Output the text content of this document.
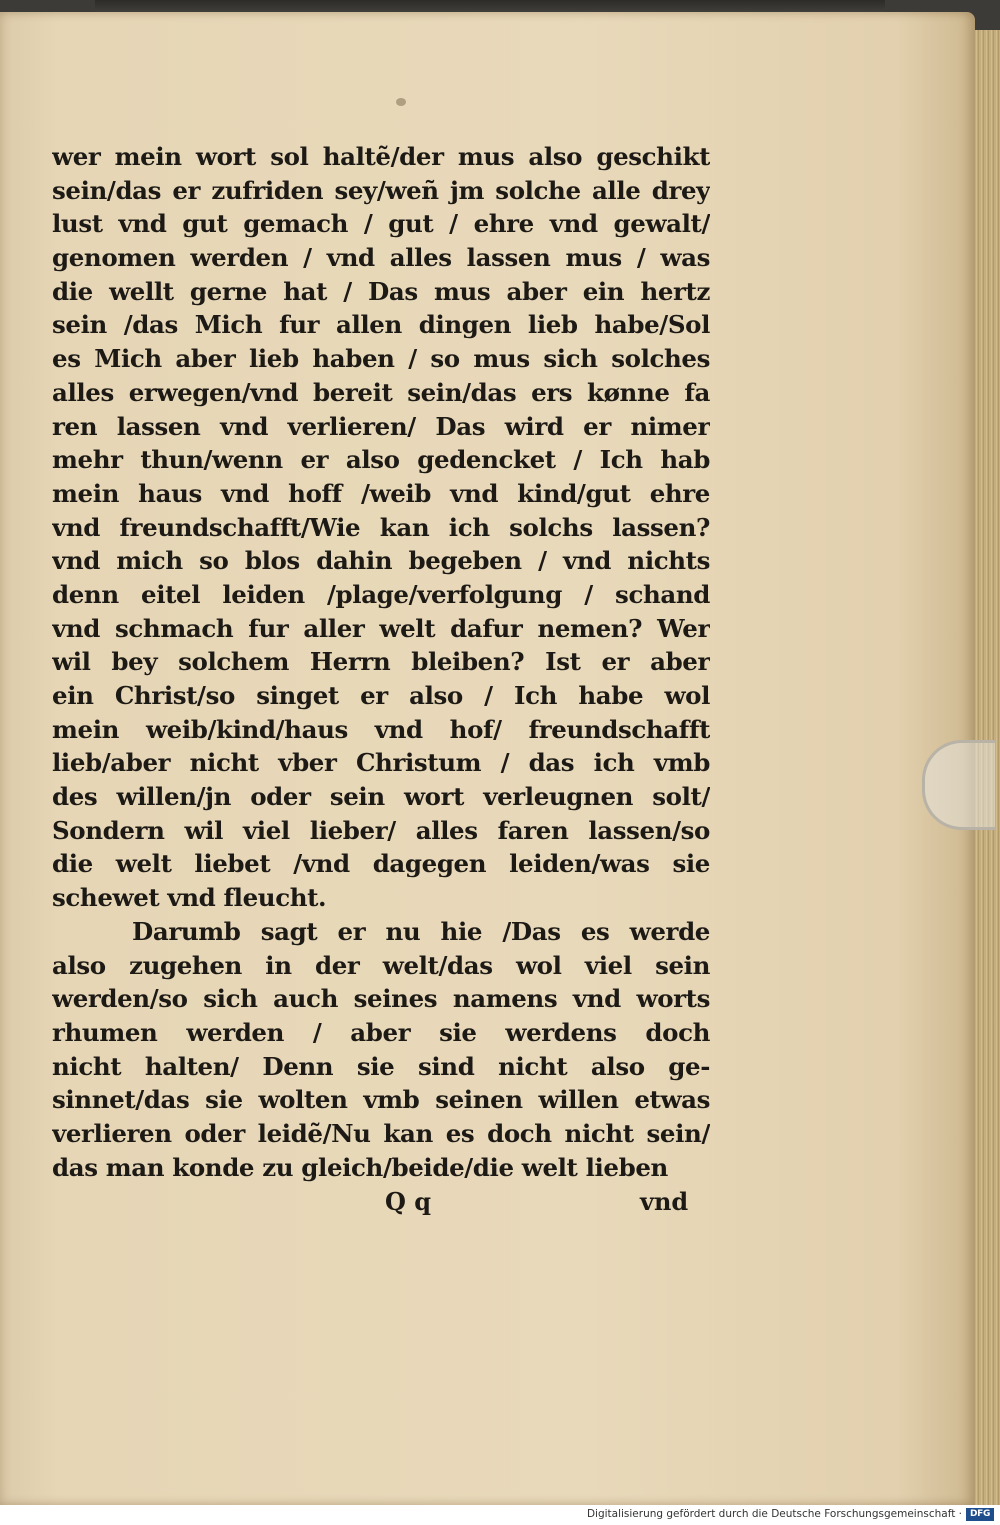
wer mein wort sol haltẽ/der mus also geschikt
sein/das er zufriden sey/weñ jm solche alle drey
lust vnd gut gemach / gut / ehre vnd gewalt/
genomen werden / vnd alles lassen mus / was
die wellt gerne hat / Das mus aber ein hertz
sein /das Mich fur allen dingen lieb habe/Sol
es Mich aber lieb haben / so mus sich solches
alles erwegen/vnd bereit sein/das ers kønne fa
ren lassen vnd verlieren/ Das wird er nimer
mehr thun/wenn er also gedencket / Ich hab
mein haus vnd hoff /weib vnd kind/gut ehre
vnd freundschafft/Wie kan ich solchs lassen?
vnd mich so blos dahin begeben / vnd nichts
denn eitel leiden /plage/verfolgung / schand
vnd schmach fur aller welt dafur nemen? Wer
wil bey solchem Herrn bleiben? Ist er aber
ein Christ/so singet er also / Ich habe wol
mein weib/kind/haus vnd hof/ freundschafft
lieb/aber nicht vber Christum / das ich vmb
des willen/jn oder sein wort verleugnen solt/
Sondern wil viel lieber/ alles faren lassen/so
die welt liebet /vnd dagegen leiden/was sie
schewet vnd fleucht.
Darumb sagt er nu hie /Das es werde
also zugehen in der welt/das wol viel sein
werden/so sich auch seines namens vnd worts
rhumen werden / aber sie werdens doch
nicht halten/ Denn sie sind nicht also ge-
sinnet/das sie wolten vmb seinen willen etwas
verlieren oder leidẽ/Nu kan es doch nicht sein/
das man konde zu gleich/beide/die welt lieben
Q q	vnd
Digitalisierung gefördert durch die Deutsche Forschungsgemeinschaft · DFG
